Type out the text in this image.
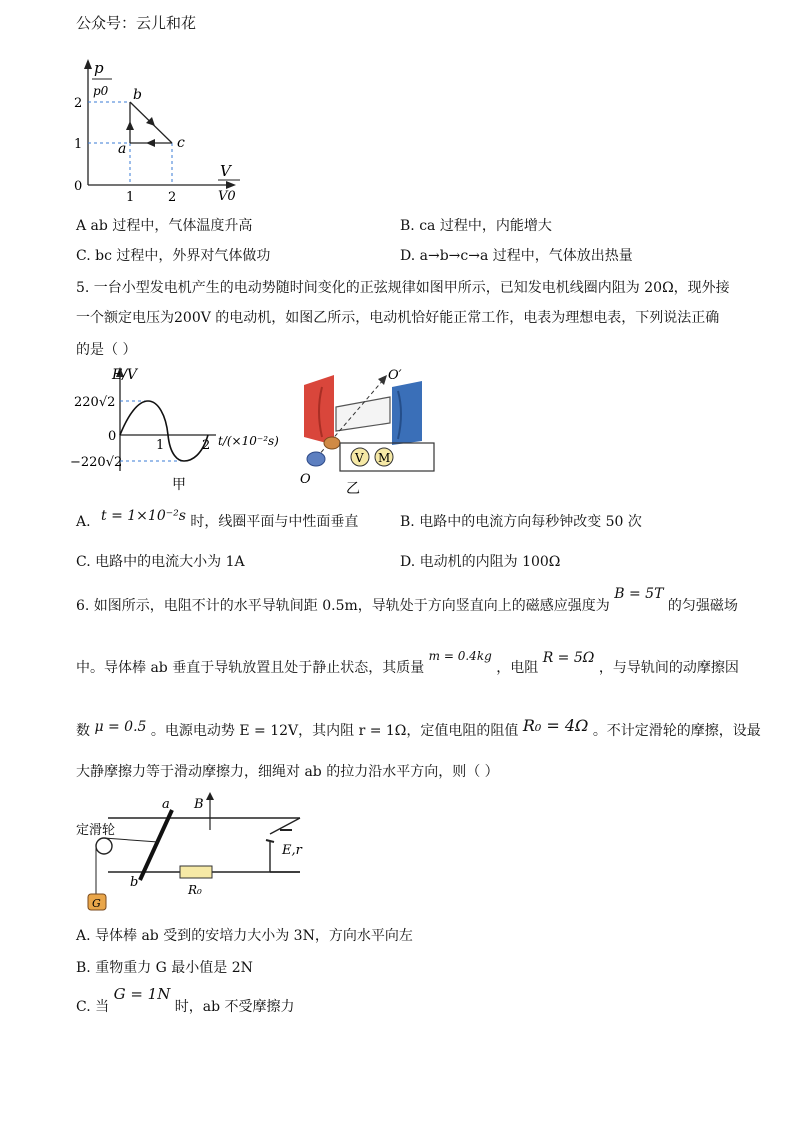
公众号：云儿和花
p
p0
2
1
0
1	2
V
V0
a
b
c
A ab 过程中，气体温度升高	B. ca 过程中，内能增大
C. bc 过程中，外界对气体做功	D. a→b→c→a 过程中，气体放出热量
5. 一台小型发电机产生的电动势随时间变化的正弦规律如图甲所示，已知发电机线圈内阻为 20Ω，现外接
一个额定电压为200V 的电动机，如图乙所示，电动机恰好能正常工作，电表为理想电表，下列说法正确
的是（ ）
E/V
220√2
0
−220√2
1	2 t/(×10⁻²s)
甲
V M
O′
O
乙
A. t = 1×10⁻²s 时，线圈平面与中性面垂直	B. 电路中的电流方向每秒钟改变 50 次
C. 电路中的电流大小为 1A	D. 电动机的内阻为 100Ω
6. 如图所示，电阻不计的水平导轨间距 0.5m，导轨处于方向竖直向上的磁感应强度为 B = 5T 的匀强磁场
中。导体棒 ab 垂直于导轨放置且处于静止状态，其质量 m = 0.4kg ，电阻 R = 5Ω ，与导轨间的动摩擦因
数 μ = 0.5 。电源电动势 E = 12V，其内阻 r = 1Ω，定值电阻的阻值 R₀ = 4Ω 。不计定滑轮的摩擦，设最
大静摩擦力等于滑动摩擦力，细绳对 ab 的拉力沿水平方向，则（ ）
定滑轮
a
b
B
E,r
R₀
G
A. 导体棒 ab 受到的安培力大小为 3N，方向水平向左
B. 重物重力 G 最小值是 2N
C. 当 G = 1N 时，ab 不受摩擦力
